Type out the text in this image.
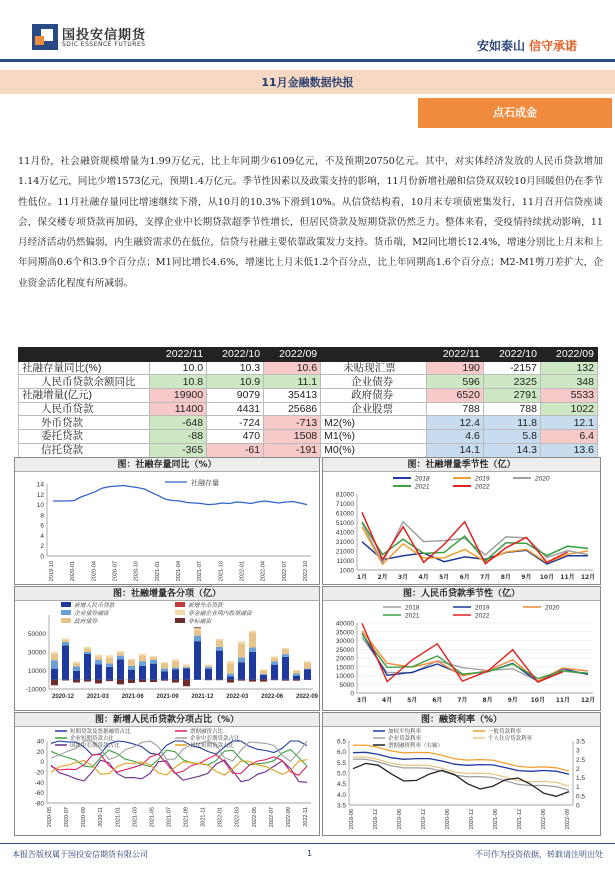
国投安信期货
SDIC ESSENCE FUTURES	安如泰山 信守承诺
11月金融数据快报
点石成金
11月份，社会融资规模增量为1.99万亿元，比上年同期少6109亿元，不及预期20750亿元。其中，对实体经济发放的人民币贷款增加1.14万亿元，同比少增1573亿元，预期1.4万亿元。季节性因素以及政策支持的影响，11月份新增社融和信贷双双较10月回暖但仍在季节性低位。11月社融存量同比增速继续下滑，从10月的10.3%下滑到10%。从信贷结构看，10月末专项债密集发行，11月召开信贷座谈会，保交楼专项贷款再加码，支撑企业中长期贷款超季节性增长，但居民贷款及短期贷款仍然乏力。整体来看，受疫情持续扰动影响，11月经济活动仍然偏弱，内生融资需求仍在低位，信贷与社融主要依靠政策发力支持。货币端，M2同比增长12.4%，增速分别比上月末和上年同期高0.6个和3.9个百分点；M1同比增长4.6%，增速比上月末低1.2个百分点，比上年同期高1.6个百分点；M2-M1剪刀差扩大，企业资金活化程度有所减弱。
	2022/11	2022/10	2022/09		2022/11	2022/10	2022/09
社融存量同比(%)	10.0	10.3	10.6	未贴现汇票	190	-2157	132
人民币贷款余额同比	10.8	10.9	11.1	企业债券	596	2325	348
社融增量(亿元)	19900	9079	35413	政府债券	6520	2791	5533
人民币贷款	11400	4431	25686	企业股票	788	788	1022
外币贷款	-648	-724	-713	M2(%)	12.4	11.8	12.1
委托贷款	-88	470	1508	M1(%)	4.6	5.8	6.4
信托贷款	-365	-61	-191	M0(%)	14.1	14.3	13.6
图：社融存量同比（%）
0
2
4
6
8
10
12
14
2019-10	2020-01	2020-04	2020-07	2020-10	2021-01	2021-04	2021-07	2021-10	2022-01	2022-04	2022-07	2022-10
社融存量
图：社融增量季节性（亿）
1000
11000
21000
31000
41000
51000
61000
71000
81000
1月 2月 3月 4月 5月 6月 7月 8月 9月 10月 11月 12月
2018	2019	2020
2021	2022
图：社融增量各分项（亿）
-10000
10000
30000
50000
2020-12 2021-03 2021-06 2021-09 2021-12 2022-03 2022-06 2022-09
新增人民币贷款	新增外币贷款
企业债券融资	非金融企业境内股票融资
政府债券	非标融资
图：人民币贷款季节性（亿）
0
5000
10000
15000
20000
25000
30000
35000
40000
3月 4月 5月 6月 7月 8月 9月 10月 11月 12月
2018	2019	2020
2021	2022
图：新增人民币贷款分项占比（%）
-80
-60
-40
-20
0
20
40
2020-05 2020-07 2020-09 2020-11 2021-01 2021-03 2021-05 2021-07 2021-09 2021-11 2022-01 2022-03 2022-05 2022-07 2022-09 2022-11
短期贷款及票据融资占比	票据融资占比
企业短期贷款占比	企业中长期贷款占比
国民中长期贷款占比	居民短期贷款占比
图：融资利率（%）
3.5
4.0
4.5
5.0
5.5
6.0
6.5
0
0.5
1
1.5
2
2.5
3
3.5
2018-06	2018-12	2019-06	2019-12	2020-06	2020-12	2021-06	2021-12	2022-06	2022-09
加权平均利率	一般贷款利率
企业贷款利率	个人住房贷款利率
票据融资利率（右轴）
本报告版权属于国投安信期货有限公司	1	不可作为投资依据，转载请注明出处
